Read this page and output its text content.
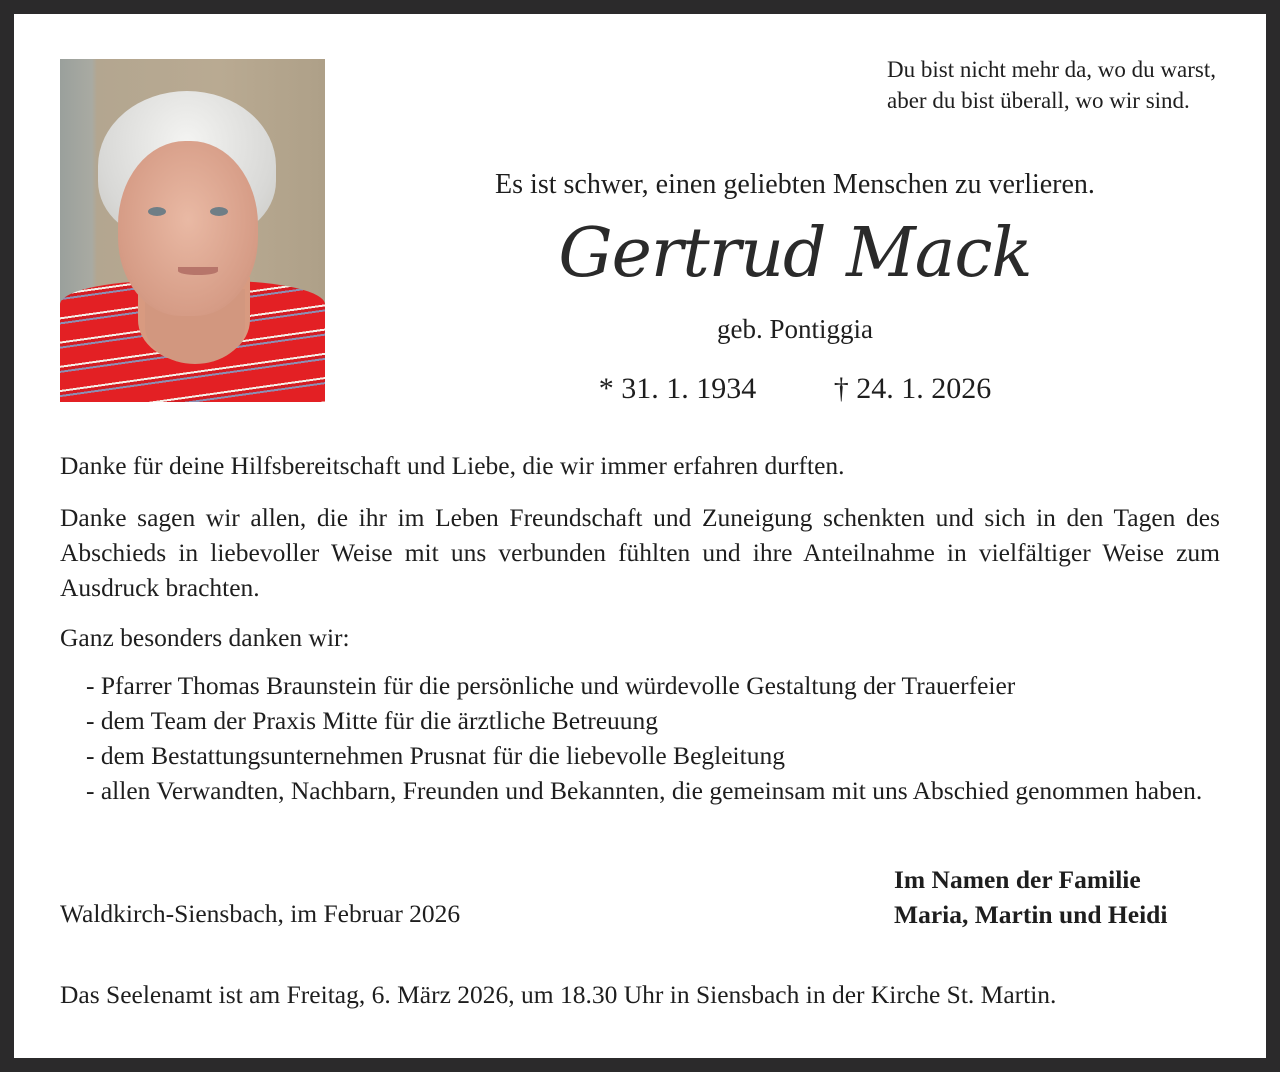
Du bist nicht mehr da, wo du warst,
aber du bist überall, wo wir sind.
Es ist schwer, einen geliebten Menschen zu verlieren.
Gertrud Mack
geb. Pontiggia
* 31. 1. 1934	† 24. 1. 2026
Danke für deine Hilfsbereitschaft und Liebe, die wir immer erfahren durften.
Danke sagen wir allen, die ihr im Leben Freundschaft und Zuneigung schenkten und sich in den Tagen des Abschieds in liebevoller Weise mit uns verbunden fühlten und ihre Anteilnahme in vielfältiger Weise zum Ausdruck brachten.
Ganz besonders danken wir:
- Pfarrer Thomas Braunstein für die persönliche und würdevolle Gestaltung der Trauerfeier
- dem Team der Praxis Mitte für die ärztliche Betreuung
- dem Bestattungsunternehmen Prusnat für die liebevolle Begleitung
- allen Verwandten, Nachbarn, Freunden und Bekannten, die gemeinsam mit uns Abschied genommen haben.
Im Namen der Familie
Maria, Martin und Heidi
Waldkirch-Siensbach, im Februar 2026
Das Seelenamt ist am Freitag, 6. März 2026, um 18.30 Uhr in Siensbach in der Kirche St. Martin.
